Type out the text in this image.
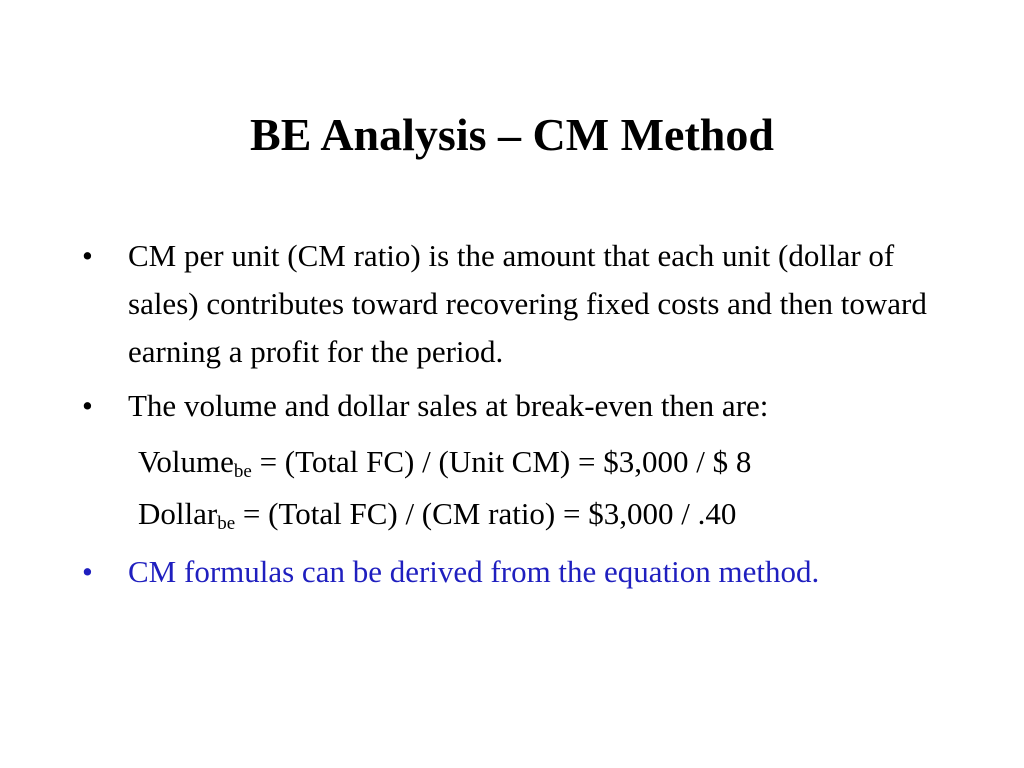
BE Analysis – CM Method
•	CM per unit (CM ratio) is the amount that each unit (dollar of sales) contributes toward recovering fixed costs and then toward earning a profit for the period.
•	The volume and dollar sales at break-even then are:
Volume$_{be}$ = (Total FC) / (Unit CM) = $3,000 / $ 8
Dollar$_{be}$ = (Total FC) / (CM ratio) = $3,000 / .40
•	CM formulas can be derived from the equation method.
